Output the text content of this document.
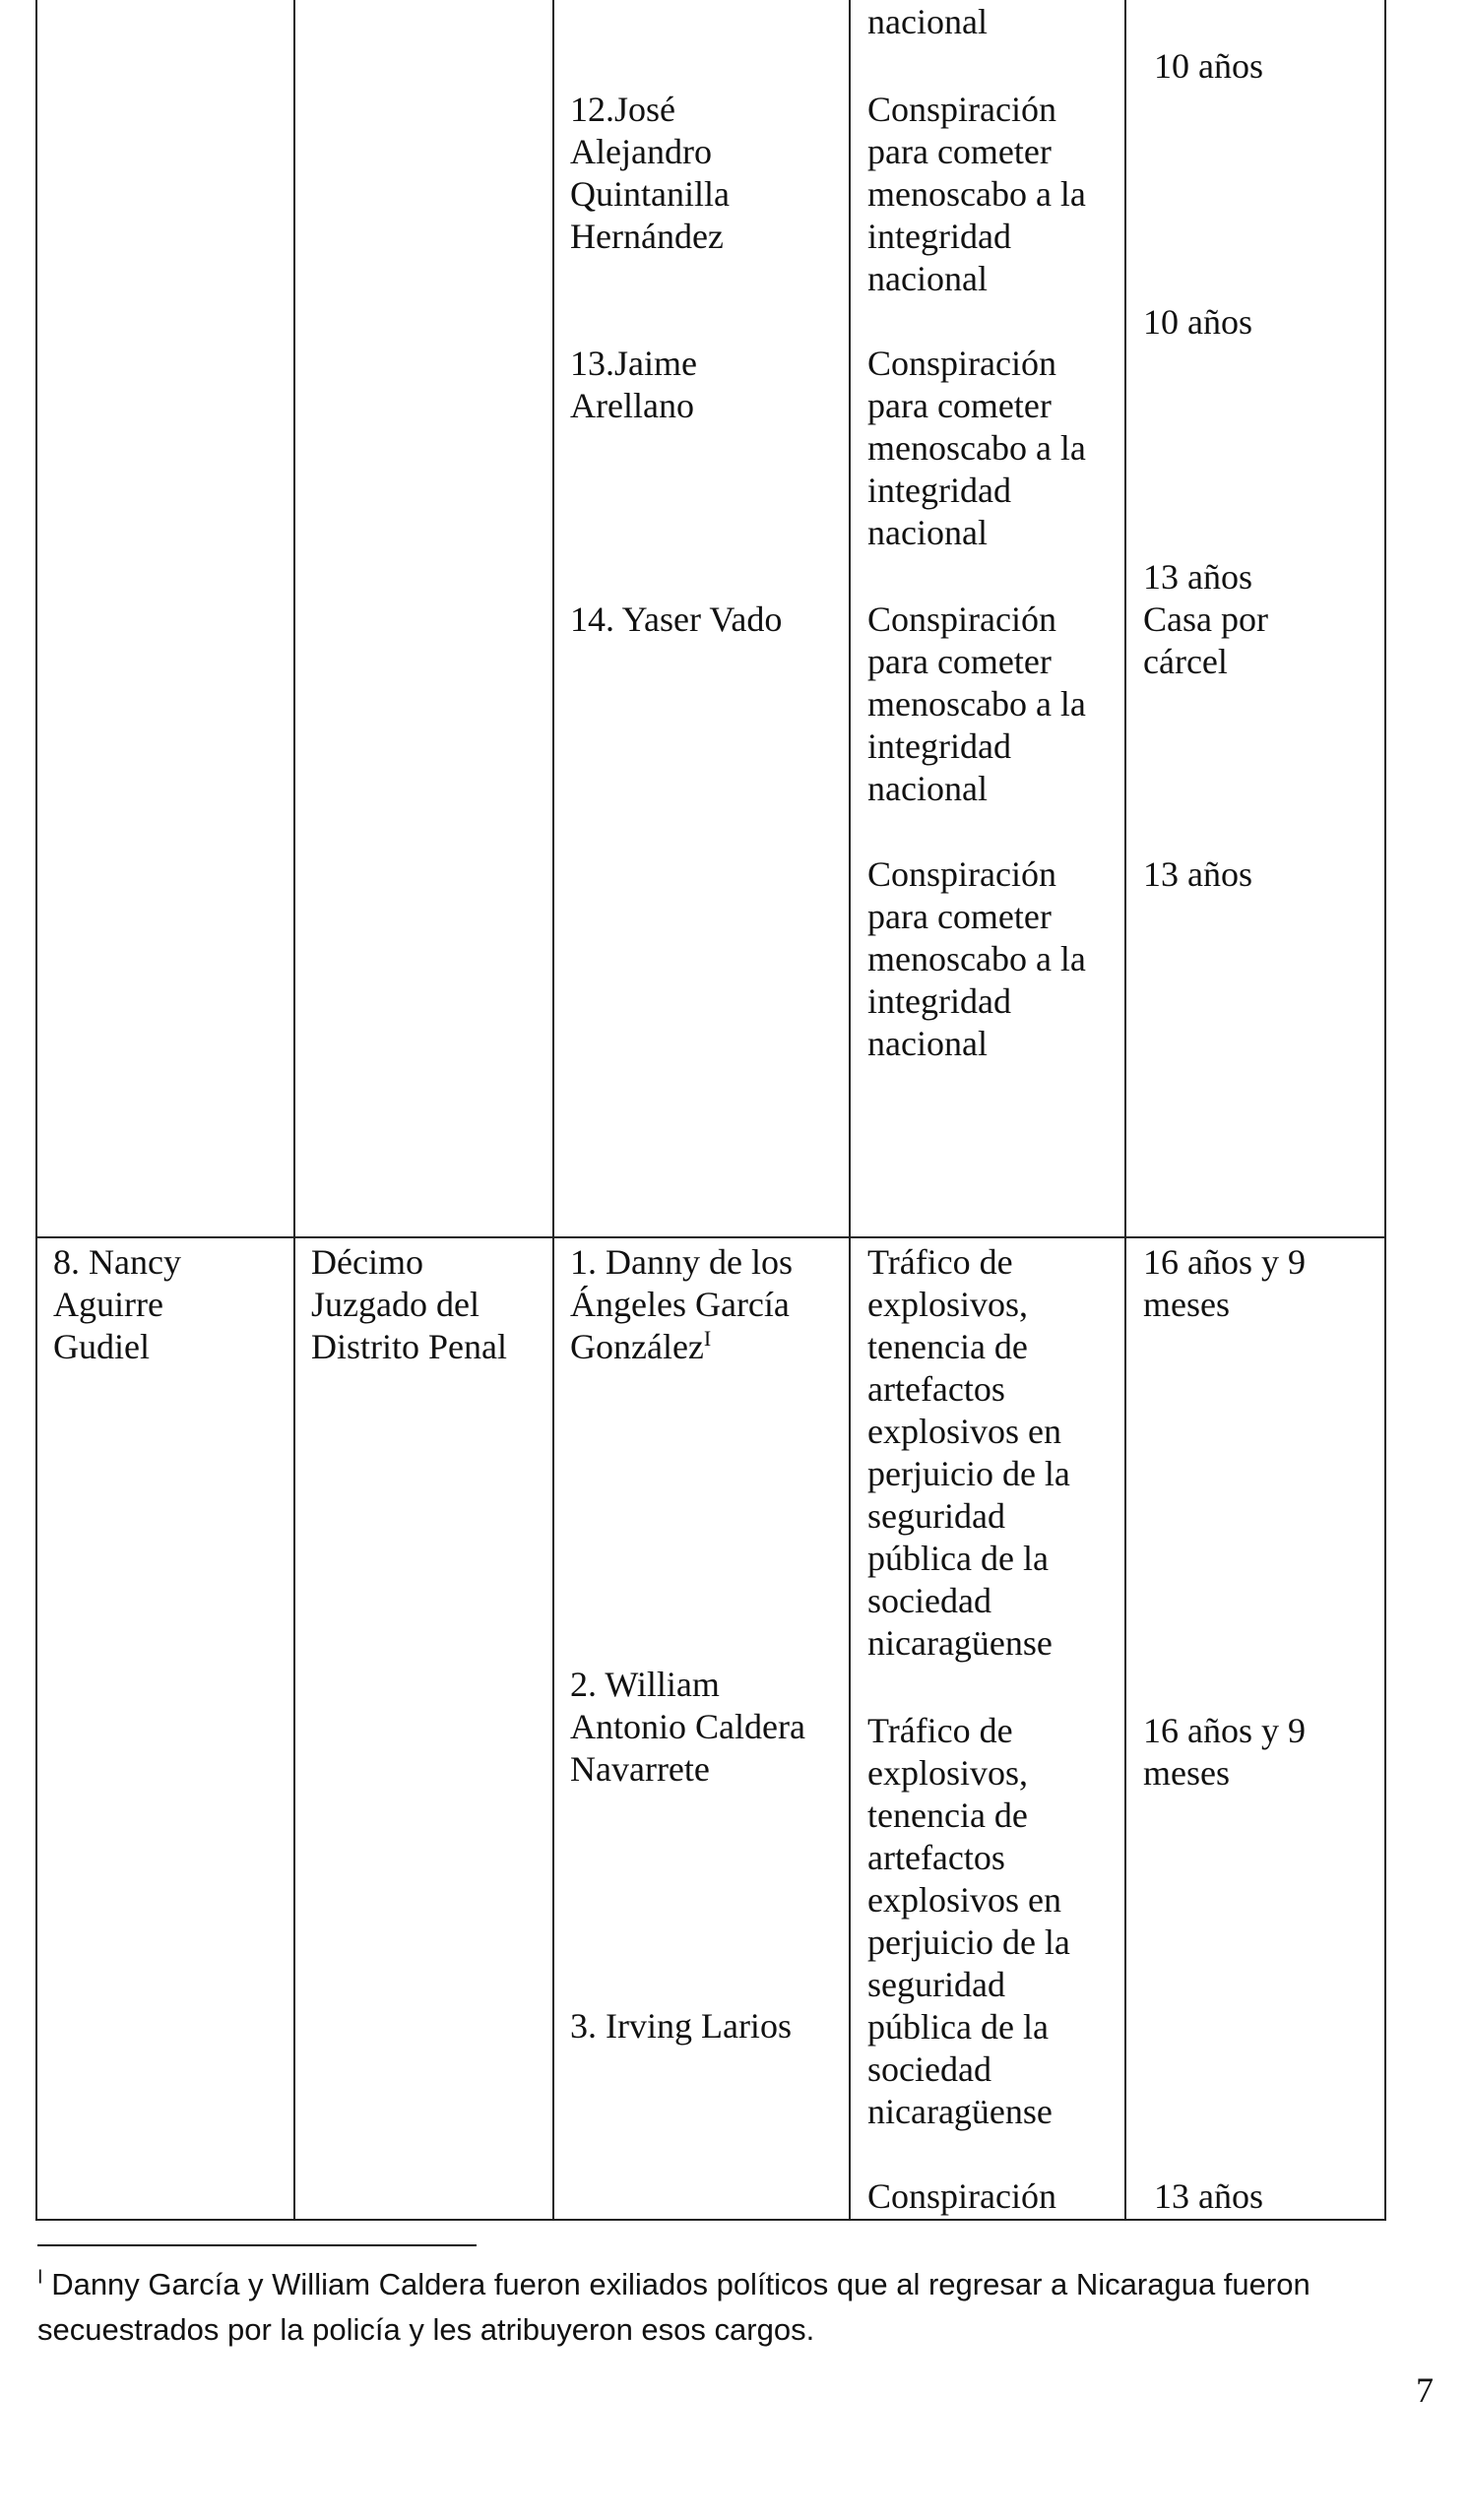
12.José
Alejandro
Quintanilla
Hernández
13.Jaime
Arellano
14. Yaser Vado
nacional
Conspiración
para cometer
menoscabo a la
integridad
nacional
Conspiración
para cometer
menoscabo a la
integridad
nacional
Conspiración
para cometer
menoscabo a la
integridad
nacional
Conspiración
para cometer
menoscabo a la
integridad
nacional
10 años
10 años
13 años
Casa por
cárcel
13 años
8. Nancy
Aguirre
Gudiel
Décimo
Juzgado del
Distrito Penal
1. Danny de los
Ángeles García
González$^I$
2. William
Antonio Caldera
Navarrete
3. Irving Larios
Tráfico de
explosivos,
tenencia de
artefactos
explosivos en
perjuicio de la
seguridad
pública de la
sociedad
nicaragüense
Tráfico de
explosivos,
tenencia de
artefactos
explosivos en
perjuicio de la
seguridad
pública de la
sociedad
nicaragüense
Conspiración
16 años y 9
meses
16 años y 9
meses
13 años
$^I$ Danny García y William Caldera fueron exiliados políticos que al regresar a Nicaragua fueron secuestrados por la policía y les atribuyeron esos cargos.
7
